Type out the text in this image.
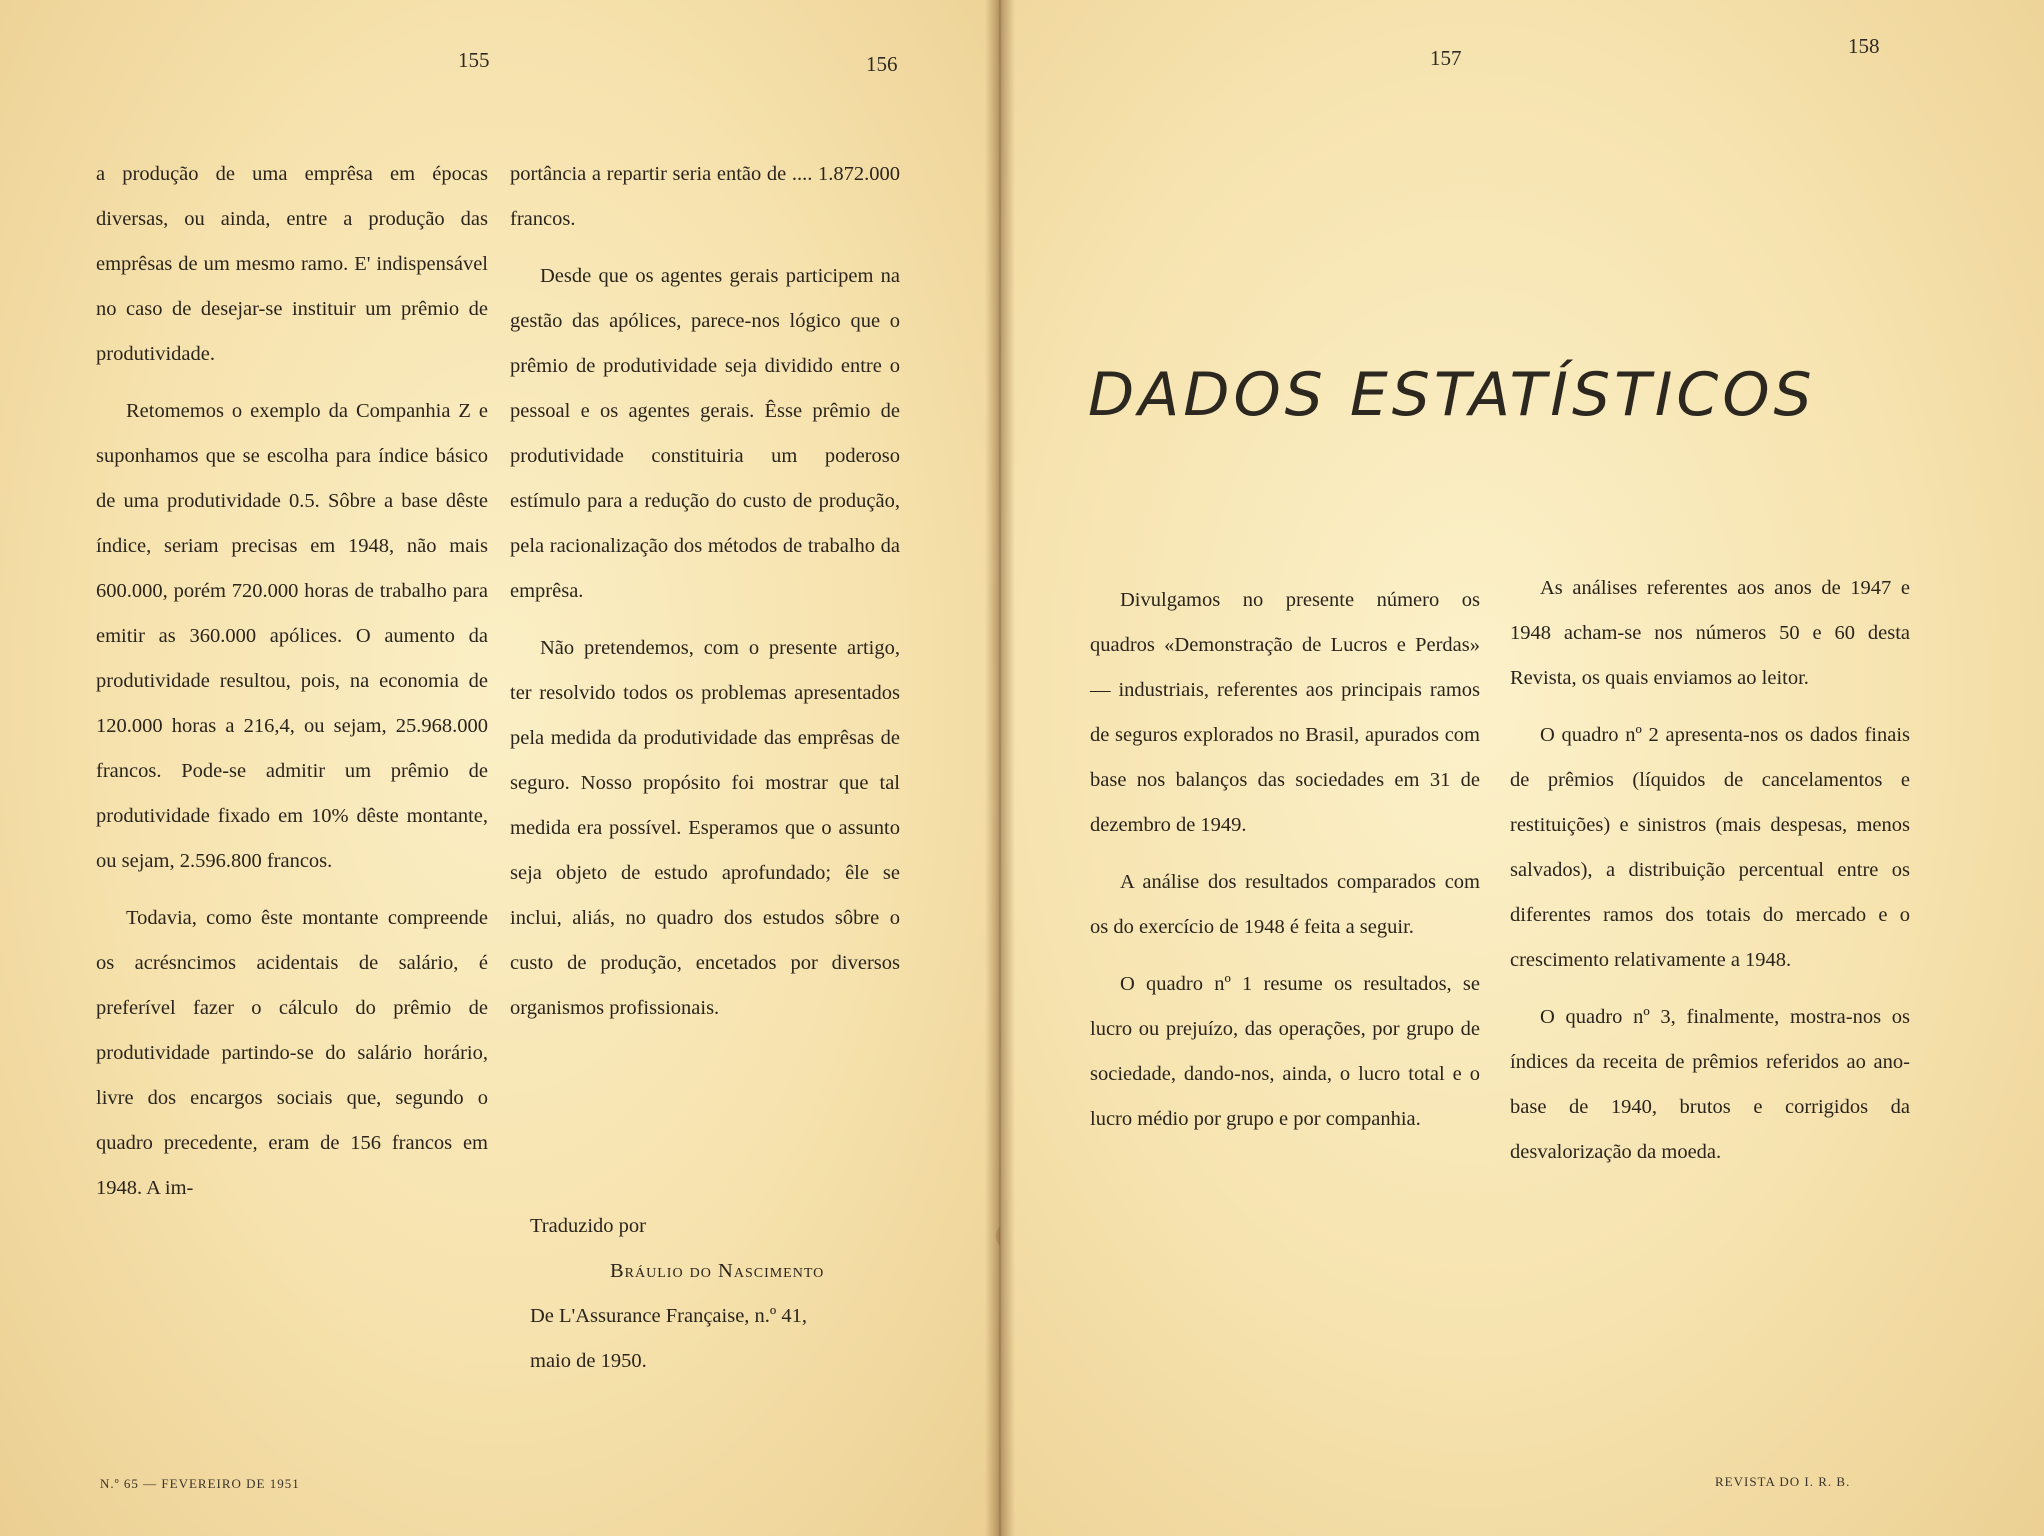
155	156

a produção de uma emprêsa em épocas diversas, ou ainda, entre a produção das emprêsas de um mesmo ramo. E' indispensável no caso de desejar-se instituir um prêmio de produtividade.

Retomemos o exemplo da Companhia Z e suponhamos que se escolha para índice básico de uma produtividade 0.5. Sôbre a base dêste índice, seriam precisas em 1948, não mais 600.000, porém 720.000 horas de trabalho para emitir as 360.000 apólices. O aumento da produtividade resultou, pois, na economia de 120.000 horas a 216,4, ou sejam, 25.968.000 francos. Pode-se admitir um prêmio de produtividade fixado em 10% dêste montante, ou sejam, 2.596.800 francos.

Todavia, como êste montante compreende os acrésncimos acidentais de salário, é preferível fazer o cálculo do prêmio de produtividade partindo-se do salário horário, livre dos encargos sociais que, segundo o quadro precedente, eram de 156 francos em 1948. A im-

portância a repartir seria então de .... 1.872.000 francos.

Desde que os agentes gerais participem na gestão das apólices, parece-nos lógico que o prêmio de produtividade seja dividido entre o pessoal e os agentes gerais. Êsse prêmio de produtividade constituiria um poderoso estímulo para a redução do custo de produção, pela racionalização dos métodos de trabalho da emprêsa.

Não pretendemos, com o presente artigo, ter resolvido todos os problemas apresentados pela medida da produtividade das emprêsas de seguro. Nosso propósito foi mostrar que tal medida era possível. Esperamos que o assunto seja objeto de estudo aprofundado; êle se inclui, aliás, no quadro dos estudos sôbre o custo de produção, encetados por diversos organismos profissionais.

Traduzido por
Bráulio do Nascimento
De L'Assurance Française, n.º 41,
maio de 1950.
N.º 65 — FEVEREIRO DE 1951
157	158

Divulgamos no presente número os quadros «Demonstração de Lucros e Perdas» — industriais, referentes aos principais ramos de seguros explorados no Brasil, apurados com base nos balanços das sociedades em 31 de dezembro de 1949.

A análise dos resultados comparados com os do exercício de 1948 é feita a seguir.

O quadro nº 1 resume os resultados, se lucro ou prejuízo, das operações, por grupo de sociedade, dando-nos, ainda, o lucro total e o lucro médio por grupo e por companhia.

As análises referentes aos anos de 1947 e 1948 acham-se nos números 50 e 60 desta Revista, os quais enviamos ao leitor.

O quadro nº 2 apresenta-nos os dados finais de prêmios (líquidos de cancelamentos e restituições) e sinistros (mais despesas, menos salvados), a distribuição percentual entre os diferentes ramos dos totais do mercado e o crescimento relativamente a 1948.

O quadro nº 3, finalmente, mostra-nos os índices da receita de prêmios referidos ao ano-base de 1940, brutos e corrigidos da desvalorização da moeda.

REVISTA DO I. R. B.
DADOS ESTATÍSTICOS
